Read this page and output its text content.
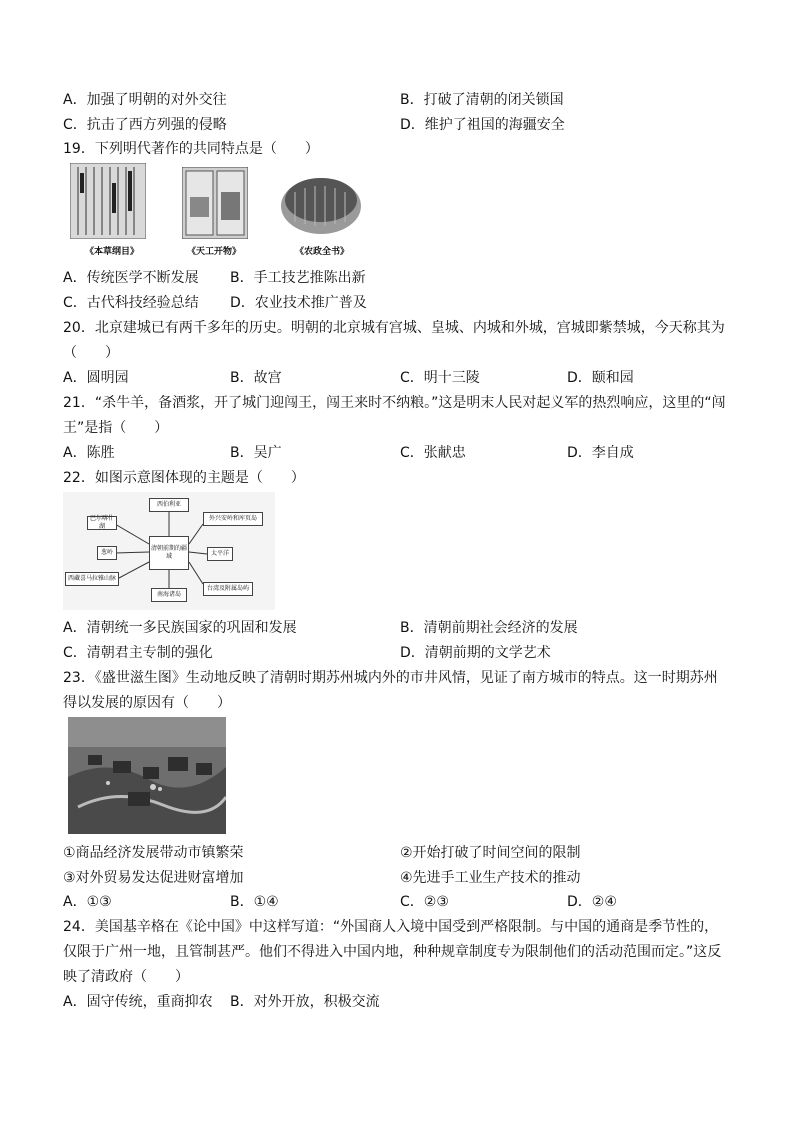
A．加强了明朝的对外交往	B．打破了清朝的闭关锁国
C．抗击了西方列强的侵略	D．维护了祖国的海疆安全
19．下列明代著作的共同特点是（　　）
《本草纲目》	《天工开物》	《农政全书》
A．传统医学不断发展 B．手工技艺推陈出新
C．古代科技经验总结 D．农业技术推广普及
20．北京建城已有两千多年的历史。明朝的北京城有宫城、皇城、内城和外城，宫城即紫禁城，今天称其为（　　）
A．圆明园	B．故宫	C．明十三陵	D．颐和园
21．“杀牛羊，备酒浆，开了城门迎闯王，闯王来时不纳粮。”这是明末人民对起义军的热烈响应，这里的“闯王”是指（　　）
A．陈胜	B．吴广	C．张献忠	D．李自成
22．如图示意图体现的主题是（　　）
清朝前期的疆域
西伯利亚
南海诸岛
巴尔喀什湖
葱岭
西藏喜马拉雅山脉
外兴安岭和库页岛
太平洋
台湾及附属岛屿
A．清朝统一多民族国家的巩固和发展	B．清朝前期社会经济的发展
C．清朝君主专制的强化	D．清朝前期的文学艺术
23．《盛世滋生图》生动地反映了清朝时期苏州城内外的市井风情，见证了南方城市的特点。这一时期苏州得以发展的原因有（　　）
①商品经济发展带动市镇繁荣	②开始打破了时间空间的限制
③对外贸易发达促进财富增加	④先进手工业生产技术的推动
A．①③	B．①④	C．②③	D．②④
24．美国基辛格在《论中国》中这样写道：“外国商人入境中国受到严格限制。与中国的通商是季节性的，仅限于广州一地，且管制甚严。他们不得进入中国内地，种种规章制度专为限制他们的活动范围而定。”这反映了清政府（　　）
A．固守传统，重商抑农 B．对外开放，积极交流
